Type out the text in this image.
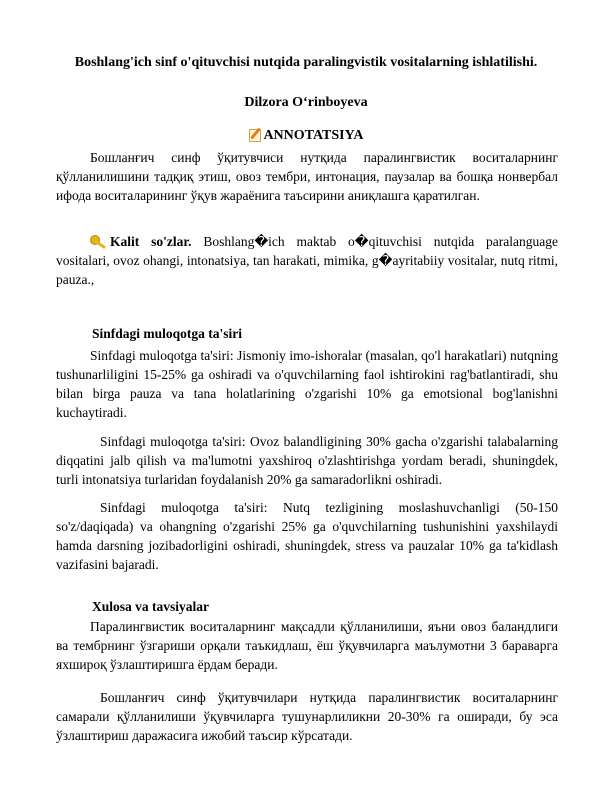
Boshlang'ich sinf o'qituvchisi nutqida paralingvistik vositalarning ishlatilishi.
Dilzora O‘rinboyeva
ANNOTATSIYA
Бошланғич синф ўқитувчиси нутқида паралингвистик воситаларнинг қўлланилишини тадқиқ этиш, овоз тембри, интонация, паузалар ва бошқа нонвербал ифода воситаларининг ўқув жараёнига таъсирини аниқлашга қаратилган.
Kalit so'zlar. Boshlang�ich maktab o�qituvchisi nutqida paralanguage vositalari, ovoz ohangi, intonatsiya, tan harakati, mimika, g�ayritabiiy vositalar, nutq ritmi, pauza.,
Sinfdagi muloqotga ta'siri
Sinfdagi muloqotga ta'siri: Jismoniy imo-ishoralar (masalan, qo'l harakatlari) nutqning tushunarliligini 15-25% ga oshiradi va o'quvchilarning faol ishtirokini rag'batlantiradi, shu bilan birga pauza va tana holatlarining o'zgarishi 10% ga emotsional bog'lanishni kuchaytiradi.
Sinfdagi muloqotga ta'siri: Ovoz balandligining 30% gacha o'zgarishi talabalarning diqqatini jalb qilish va ma'lumotni yaxshiroq o'zlashtirishga yordam beradi, shuningdek, turli intonatsiya turlaridan foydalanish 20% ga samaradorlikni oshiradi.
Sinfdagi muloqotga ta'siri: Nutq tezligining moslashuvchanligi (50-150 so'z/daqiqada) va ohangning o'zgarishi 25% ga o'quvchilarning tushunishini yaxshilaydi hamda darsning jozibadorligini oshiradi, shuningdek, stress va pauzalar 10% ga ta'kidlash vazifasini bajaradi.
Xulosa va tavsiyalar
Паралингвистик воситаларнинг мақсадли қўлланилиши, яъни овоз баландлиги ва тембрнинг ўзгариши орқали таъкидлаш, ёш ўқувчиларга маълумотни 3 бараварга яхшироқ ўзлаштиришга ёрдам беради.
Бошланғич синф ўқитувчилари нутқида паралингвистик воситаларнинг самарали қўлланилиши ўқувчиларга тушунарлиликни 20-30% га оширади, бу эса ўзлаштириш даражасига ижобий таъсир кўрсатади.
